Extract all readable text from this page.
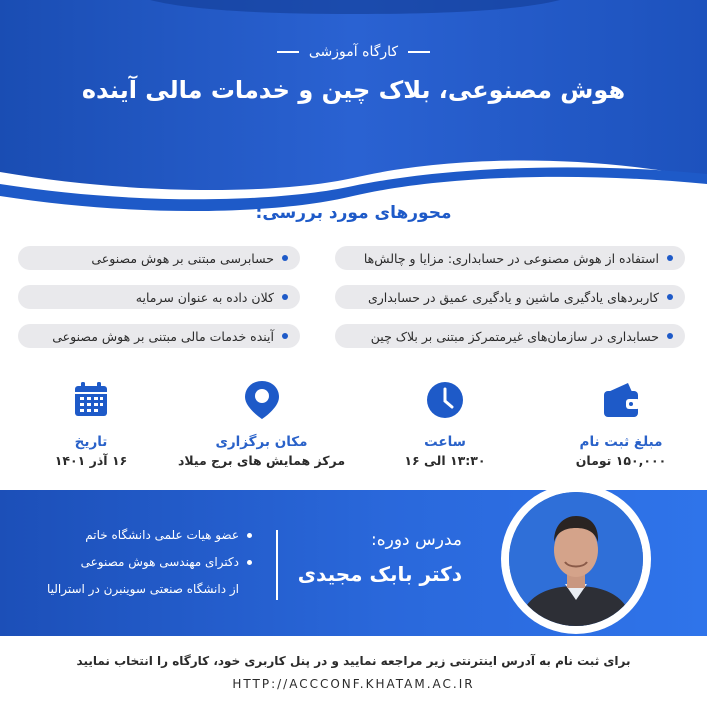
کارگاه آموزشی
هوش مصنوعی، بلاک چین و خدمات مالی آینده
محورهای مورد بررسی:
استفاده از هوش مصنوعی در حسابداری: مزایا و چالش‌ها
حسابرسی مبتنی بر هوش مصنوعی
کاربردهای یادگیری ماشین و یادگیری عمیق در حسابداری
کلان داده به عنوان سرمایه
حسابداری در سازمان‌های غیرمتمرکز مبتنی بر بلاک چین
آینده خدمات مالی مبتنی بر هوش مصنوعی
مبلغ ثبت نام
۱۵۰,۰۰۰ تومان
ساعت
۱۳:۳۰ الی ۱۶
مکان برگزاری
مرکز همایش های برج میلاد
تاریخ
۱۶ آذر ۱۴۰۱
مدرس دوره:
دکتر بابک مجیدی
عضو هیات علمی دانشگاه خاتم
دکترای مهندسی هوش مصنوعی
از دانشگاه صنعتی سوینبرن در استرالیا
برای ثبت نام به آدرس اینترنتی زیر مراجعه نمایید و در پنل کاربری خود، کارگاه را انتخاب نمایید
HTTP://ACCCONF.KHATAM.AC.IR
